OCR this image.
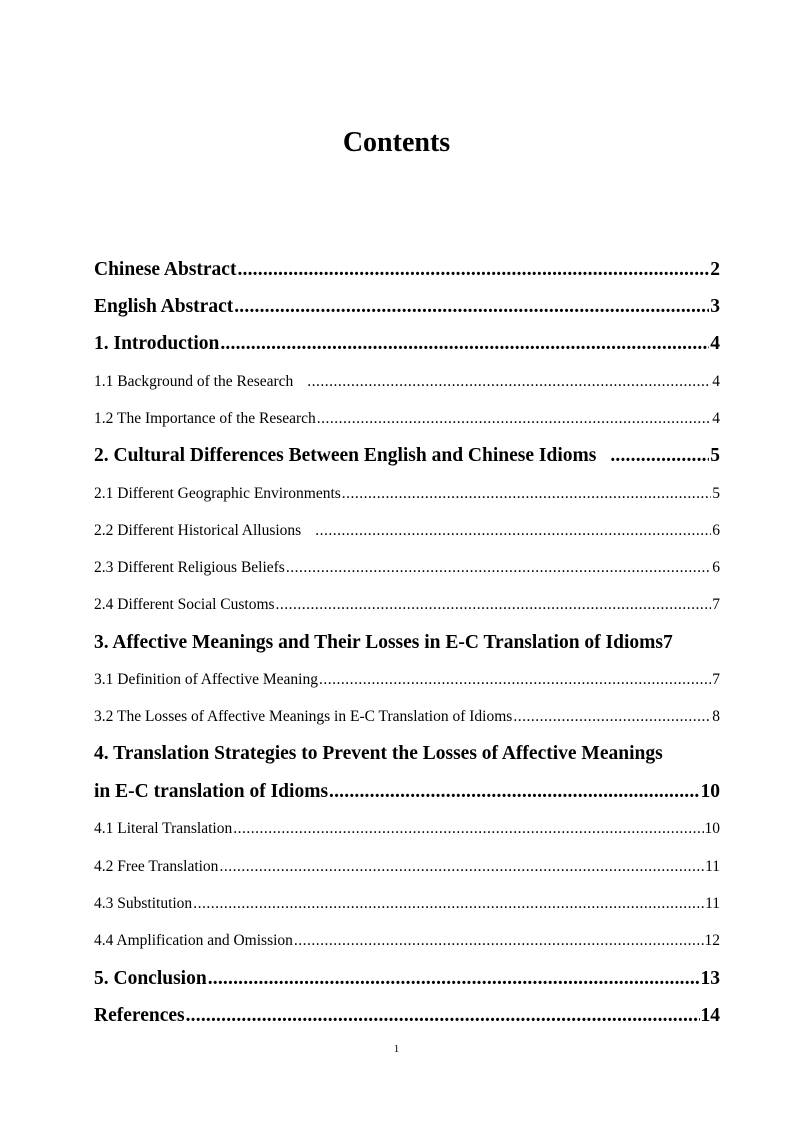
Contents
Chinese Abstract .....	2
English Abstract .....	3
1. Introduction .....	4
1.1 Background of the Research .....	4
1.2 The Importance of the Research .....	4
2. Cultural Differences Between English and Chinese Idioms .....	5
2.1 Different Geographic Environments .....	5
2.2 Different Historical Allusions .....	6
2.3 Different Religious Beliefs .....	6
2.4 Different Social Customs .....	7
3. Affective Meanings and Their Losses in E-C Translation of Idioms7
3.1 Definition of Affective Meaning .....	7
3.2 The Losses of Affective Meanings in E-C Translation of Idioms .....	8
4. Translation Strategies to Prevent the Losses of Affective Meanings
in E-C translation of Idioms .....	10
4.1 Literal Translation .....	10
4.2 Free Translation .....	11
4.3 Substitution .....	11
4.4 Amplification and Omission .....	12
5. Conclusion .....	13
References .....	14
1
